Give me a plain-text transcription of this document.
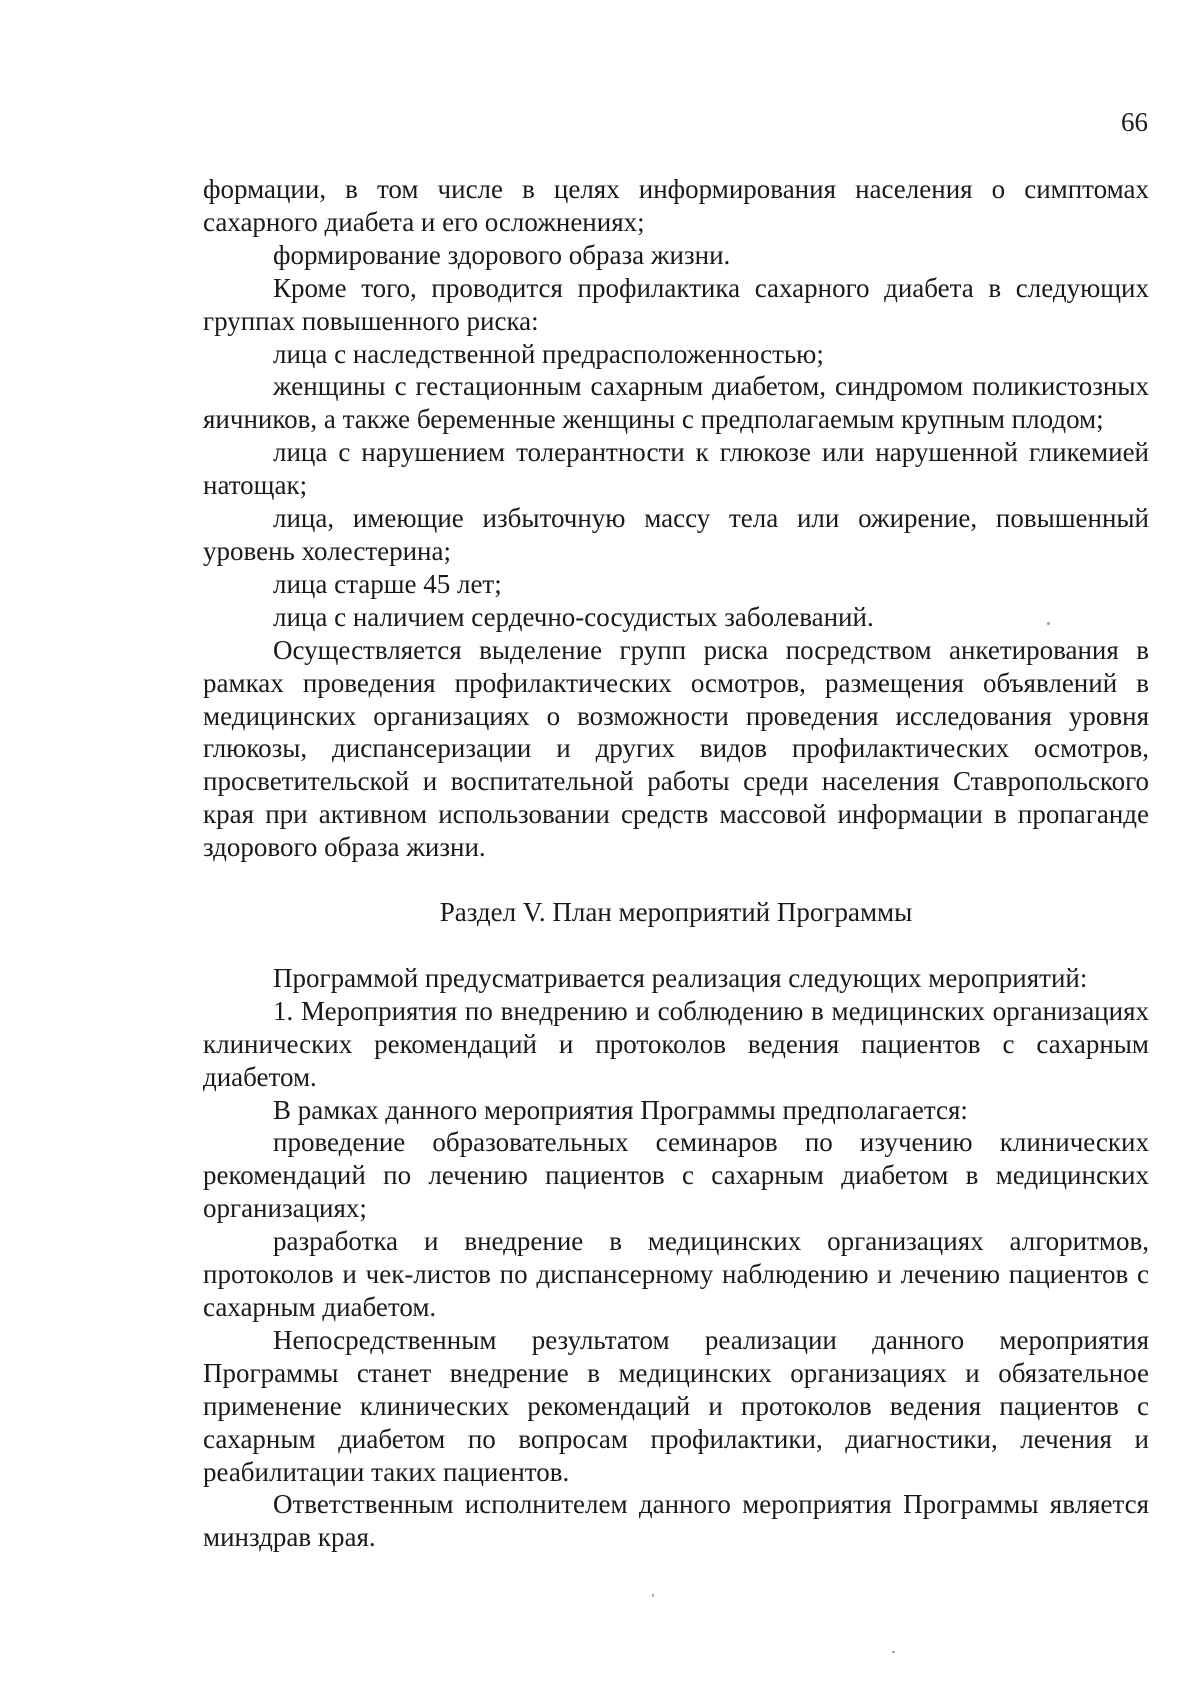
66

формации, в том числе в целях информирования населения о симптомах сахарного диабета и его осложнениях;

формирование здорового образа жизни.

Кроме того, проводится профилактика сахарного диабета в следующих группах повышенного риска:

лица с наследственной предрасположенностью;

женщины с гестационным сахарным диабетом, синдромом поликистозных яичников, а также беременные женщины с предполагаемым крупным плодом;

лица с нарушением толерантности к глюкозе или нарушенной гликемией натощак;

лица, имеющие избыточную массу тела или ожирение, повышенный уровень холестерина;

лица старше 45 лет;

лица с наличием сердечно-сосудистых заболеваний.

Осуществляется выделение групп риска посредством анкетирования в рамках проведения профилактических осмотров, размещения объявлений в медицинских организациях о возможности проведения исследования уровня глюкозы, диспансеризации и других видов профилактических осмотров, просветительской и воспитательной работы среди населения Ставропольского края при активном использовании средств массовой информации в пропаганде здорового образа жизни.

Раздел V. План мероприятий Программы

Программой предусматривается реализация следующих мероприятий:

1. Мероприятия по внедрению и соблюдению в медицинских организациях клинических рекомендаций и протоколов ведения пациентов с сахарным диабетом.

В рамках данного мероприятия Программы предполагается:

проведение образовательных семинаров по изучению клинических рекомендаций по лечению пациентов с сахарным диабетом в медицинских организациях;

разработка и внедрение в медицинских организациях алгоритмов, протоколов и чек-листов по диспансерному наблюдению и лечению пациентов с сахарным диабетом.

Непосредственным результатом реализации данного мероприятия Программы станет внедрение в медицинских организациях и обязательное применение клинических рекомендаций и протоколов ведения пациентов с сахарным диабетом по вопросам профилактики, диагностики, лечения и реабилитации таких пациентов.

Ответственным исполнителем данного мероприятия Программы является минздрав края.
